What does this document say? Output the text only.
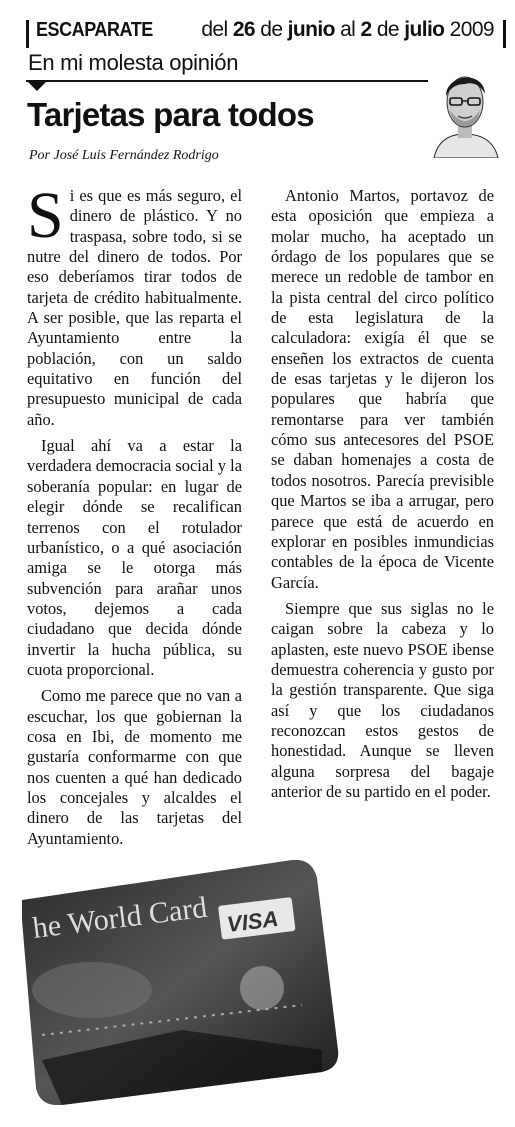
ESCAPARATE del 26 de junio al 2 de julio 2009
En mi molesta opinión
Tarjetas para todos
Por José Luis Fernández Rodrigo

Si es que es más seguro, el dinero de plástico. Y no traspasa, sobre todo, si se nutre del dinero de todos. Por eso deberíamos tirar todos de tarjeta de crédito habitualmente. A ser posible, que las reparta el Ayuntamiento entre la población, con un saldo equitativo en función del presupuesto municipal de cada año.

Igual ahí va a estar la verdadera democracia social y la soberanía popular: en lugar de elegir dónde se recalifican terrenos con el rotulador urbanístico, o a qué asociación amiga se le otorga más subvención para arañar unos votos, dejemos a cada ciudadano que decida dónde invertir la hucha pública, su cuota proporcional.

Como me parece que no van a escuchar, los que gobiernan la cosa en Ibi, de momento me gustaría conformarme con que nos cuenten a qué han dedicado los concejales y alcaldes el dinero de las tarjetas del Ayuntamiento.

Antonio Martos, portavoz de esta oposición que empieza a molar mucho, ha aceptado un órdago de los populares que se merece un redoble de tambor en la pista central del circo político de esta legislatura de la calculadora: exigía él que se enseñen los extractos de cuenta de esas tarjetas y le dijeron los populares que habría que remontarse para ver también cómo sus antecesores del PSOE se daban homenajes a costa de todos nosotros. Parecía previsible que Martos se iba a arrugar, pero parece que está de acuerdo en explorar en posibles inmundicias contables de la época de Vicente García.

Siempre que sus siglas no le caigan sobre la cabeza y lo aplasten, este nuevo PSOE ibense demuestra coherencia y gusto por la gestión transparente. Que siga así y que los ciudadanos reconozcan estos gestos de honestidad. Aunque se lleven alguna sorpresa del bagaje anterior de su partido en el poder.

he World Card VISA
